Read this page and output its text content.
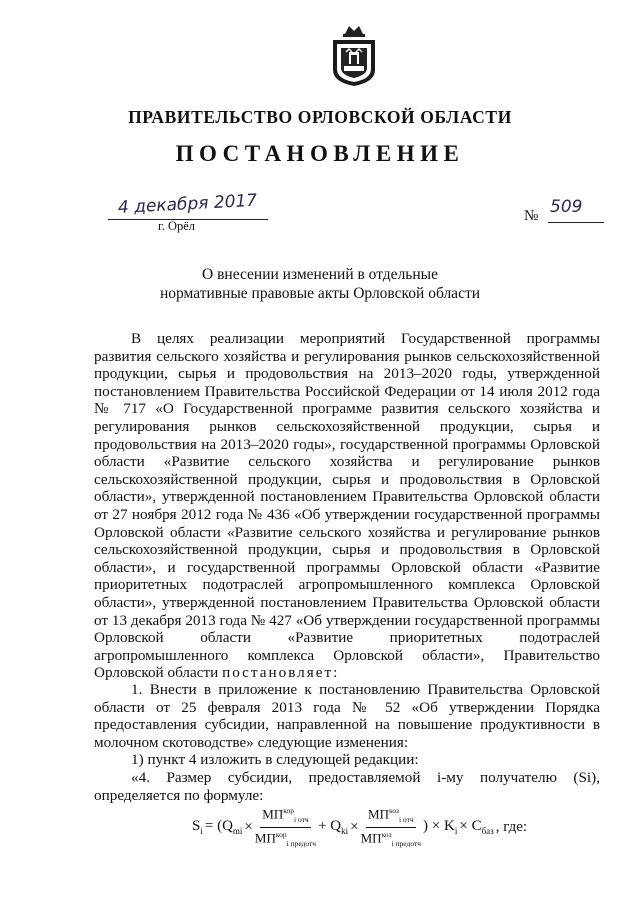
ПРАВИТЕЛЬСТВО ОРЛОВСКОЙ ОБЛАСТИ
ПОСТАНОВЛЕНИЕ
4 декабря 2017
г. Орёл
№ 509
О внесении изменений в отдельные
нормативные правовые акты Орловской области

В целях реализации мероприятий Государственной программы развития сельского хозяйства и регулирования рынков сельскохозяйственной продукции, сырья и продовольствия на 2013–2020 годы, утвержденной постановлением Правительства Российской Федерации от 14 июля 2012 года № 717 «О Государственной программе развития сельского хозяйства и регулирования рынков сельскохозяйственной продукции, сырья и продовольствия на 2013–2020 годы», государственной программы Орловской области «Развитие сельского хозяйства и регулирование рынков сельскохозяйственной продукции, сырья и продовольствия в Орловской области», утвержденной постановлением Правительства Орловской области от 27 ноября 2012 года № 436 «Об утверждении государственной программы Орловской области «Развитие сельского хозяйства и регулирование рынков сельскохозяйственной продукции, сырья и продовольствия в Орловской области», и государственной программы Орловской области «Развитие приоритетных подотраслей агропромышленного комплекса Орловской области», утвержденной постановлением Правительства Орловской области от 13 декабря 2013 года № 427 «Об утверждении государственной программы Орловской области «Развитие приоритетных подотраслей агропромышленного комплекса Орловской области», Правительство Орловской области постановляет:

1. Внести в приложение к постановлению Правительства Орловской области от 25 февраля 2013 года № 52 «Об утверждении Порядка предоставления субсидии, направленной на повышение продуктивности в молочном скотоводстве» следующие изменения:

1) пункт 4 изложить в следующей редакции:

«4. Размер субсидии, предоставляемой i-му получателю (Si), определяется по формуле:

$S_i = (Q_{mi} \times \frac{МП^{кор}_{i отч}}{МП^{кор}_{i предотч}} + Q_{ki} \times \frac{МП^{коз}_{i отч}}{МП^{коз}_{i предотч}}$ ) × $K_i \times C_{баз}$ , где:
